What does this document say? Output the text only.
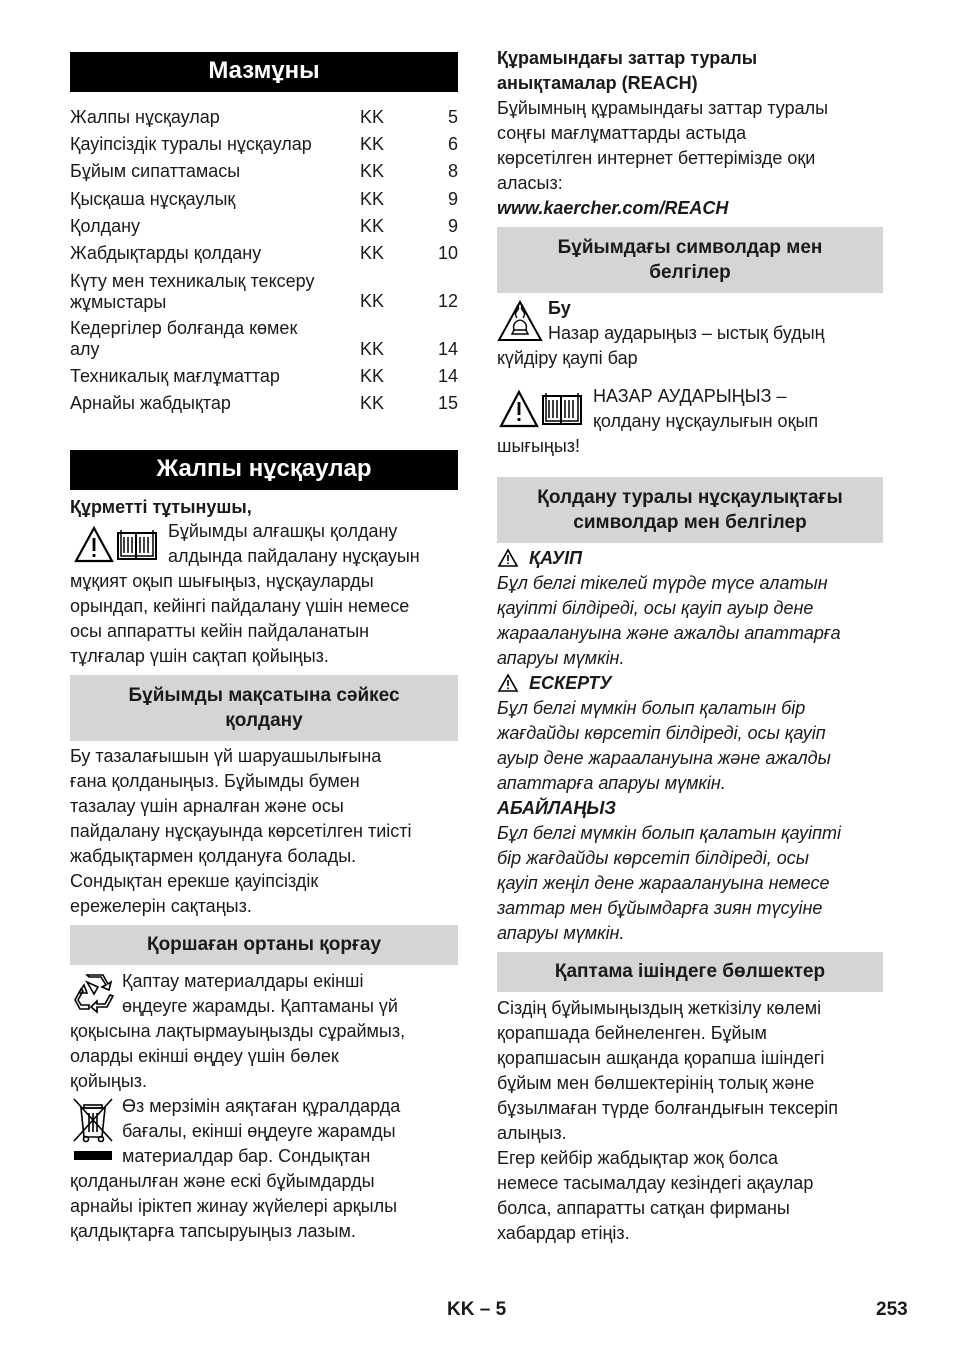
Мазмұны
Жалпы нұсқаулар	KK	5
Қауіпсіздік туралы нұсқаулар	KK	6
Бұйым сипаттамасы	KK	8
Қысқаша нұсқаулық	KK	9
Қолдану	KK	9
Жабдықтарды қолдану	KK	10
Күту мен техникалық тексеру
жұмыстары	KK	12
Кедергілер болғанда көмек
алу	KK	14
Техникалық мағлұматтар	KK	14
Арнайы жабдықтар	KK	15
Жалпы нұсқаулар
Құрметті тұтынушы,
Бұйымды алғашқы қолдану
алдында пайдалану нұсқауын
мұқият оқып шығыңыз, нұсқауларды
орындап, кейінгі пайдалану үшін немесе
осы аппаратты кейін пайдаланатын
тұлғалар үшін сақтап қойыңыз.
Бұйымды мақсатына сәйкес
қолдану
Бу тазалағышын үй шаруашылығына
ғана қолданыңыз. Бұйымды бумен
тазалау үшін арналған және осы
пайдалану нұсқауында көрсетілген тиісті
жабдықтармен қолдануға болады.
Сондықтан ерекше қауіпсіздік
ережелерін сақтаңыз.
Қоршаған ортаны қорғау
Қаптау материалдары екінші
өңдеуге жарамды. Қаптаманы үй
қоқысына лақтырмауыңызды сұраймыз,
оларды екінші өңдеу үшін бөлек
қойыңыз.
Өз мерзімін аяқтаған құралдарда
бағалы, екінші өңдеуге жарамды
материалдар бар. Сондықтан
қолданылған және ескі бұйымдарды
арнайы іріктеп жинау жүйелері арқылы
қалдықтарға тапсыруыңыз лазым.
Құрамындағы заттар туралы
анықтамалар (REACH)
Бұйымның құрамындағы заттар туралы
соңғы мағлұматтарды астыда
көрсетілген интернет беттерімізде оқи
аласыз:
www.kaercher.com/REACH
Бұйымдағы символдар мен
белгілер
Бу
Назар аударыңыз – ыстық будың
күйдіру қаупі бар
НАЗАР АУДАРЫҢЫЗ –
қолдану нұсқаулығын оқып
шығыңыз!
Қолдану туралы нұсқаулықтағы
символдар мен белгілер
ҚАУІП
Бұл белгі тікелей түрде түсе алатын
қауіпті білдіреді, осы қауіп ауыр дене
жараалануына және ажалды апаттарға
апаруы мүмкін.
ЕСКЕРТУ
Бұл белгі мүмкін болып қалатын бір
жағдайды көрсетіп білдіреді, осы қауіп
ауыр дене жараалануына және ажалды
апаттарға апаруы мүмкін.
АБАЙЛАҢЫЗ
Бұл белгі мүмкін болып қалатын қауіпті
бір жағдайды көрсетіп білдіреді, осы
қауіп жеңіл дене жараалануына немесе
заттар мен бұйымдарға зиян түсуіне
апаруы мүмкін.
Қаптама ішіндеге бөлшектер
Сіздің бұйымыңыздың жеткізілу көлемі
қорапшада бейнеленген. Бұйым
қорапшасын ашқанда қорапша ішіндегі
бұйым мен бөлшектерінің толық және
бұзылмаған түрде болғандығын тексеріп
алыңыз.
Егер кейбір жабдықтар жоқ болса
немесе тасымалдау кезіндегі ақаулар
болса, аппаратты сатқан фирманы
хабардар етіңіз.
KK – 5	253
